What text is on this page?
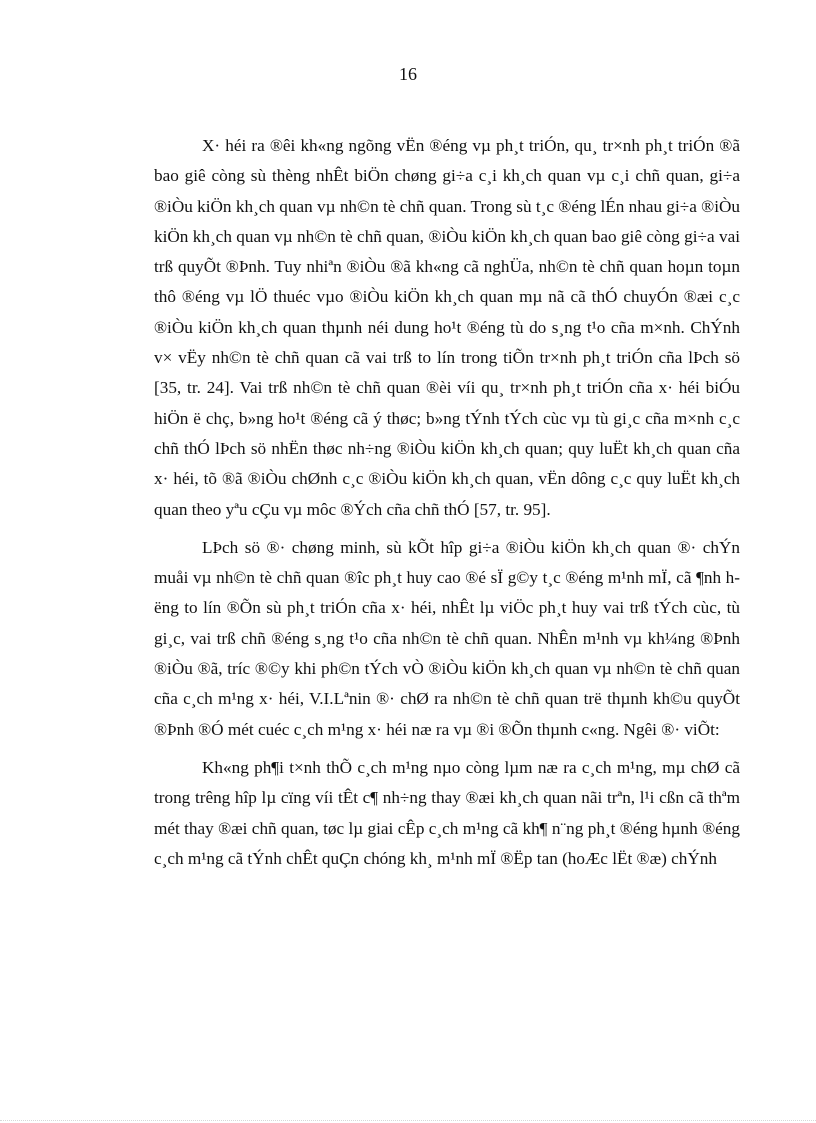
16

X· héi ra ®êi kh«ng ngõng vËn ®éng vµ ph¸t triÓn, qu¸ tr×nh ph¸t triÓn ®ã bao giê còng sù thèng nhÊt biÖn chøng gi÷a c¸i kh¸ch quan vµ c¸i chñ quan, gi÷a ®iÒu kiÖn kh¸ch quan vµ nh©n tè chñ quan. Trong sù t¸c ®éng lÉn nhau gi÷a ®iÒu kiÖn kh¸ch quan vµ nh©n tè chñ quan, ®iÒu kiÖn kh¸ch quan bao giê còng gi÷a vai trß quyÕt ®Þnh. Tuy nhiªn ®iÒu ®ã kh«ng cã nghÜa, nh©n tè chñ quan hoµn toµn thô ®éng vµ lÖ thuéc vµo ®iÒu kiÖn kh¸ch quan mµ nã cã thÓ chuyÓn ®æi c¸c ®iÒu kiÖn kh¸ch quan thµnh néi dung ho¹t ®éng tù do s¸ng t¹o cña m×nh. ChÝnh v× vËy nh©n tè chñ quan cã vai trß to lín trong tiÕn tr×nh ph¸t triÓn cña lÞch sö [35, tr. 24]. Vai trß nh©n tè chñ quan ®èi víi qu¸ tr×nh ph¸t triÓn cña x· héi biÓu hiÖn ë chç, b»ng ho¹t ®éng cã ý thøc; b»ng tÝnh tÝch cùc vµ tù gi¸c cña m×nh c¸c chñ thÓ lÞch sö nhËn thøc nh÷ng ®iÒu kiÖn kh¸ch quan; quy luËt kh¸ch quan cña x· héi, tõ ®ã ®iÒu chØnh c¸c ®iÒu kiÖn kh¸ch quan, vËn dông c¸c quy luËt kh¸ch quan theo yªu cÇu vµ môc ®Ých cña chñ thÓ [57, tr. 95].

LÞch sö ®· chøng minh, sù kÕt hîp gi÷a ®iÒu kiÖn kh¸ch quan ®· chÝn muåi vµ nh©n tè chñ quan ®îc ph¸t huy cao ®é sÏ g©y t¸c ®éng m¹nh mÏ, cã ¶nh hëng to lín ®Õn sù ph¸t triÓn cña x· héi, nhÊt lµ viÖc ph¸t huy vai trß tÝch cùc, tù gi¸c, vai trß chñ ®éng s¸ng t¹o cña nh©n tè chñ quan. NhÊn m¹nh vµ kh¼ng ®Þnh ®iÒu ®ã, tríc ®©y khi ph©n tÝch vÒ ®iÒu kiÖn kh¸ch quan vµ nh©n tè chñ quan cña c¸ch m¹ng x· héi, V.I.Lªnin ®· chØ ra nh©n tè chñ quan trë thµnh kh©u quyÕt ®Þnh ®Ó mét cuéc c¸ch m¹ng x· héi næ ra vµ ®i ®Õn thµnh c«ng. Ngêi ®· viÕt:

Kh«ng ph¶i t×nh thÕ c¸ch m¹ng nµo còng lµm næ ra c¸ch m¹ng, mµ chØ cã trong trêng hîp lµ cïng víi tÊt c¶ nh÷ng thay ®æi kh¸ch quan nãi trªn, l¹i cßn cã thªm mét thay ®æi chñ quan, tøc lµ giai cÊp c¸ch m¹ng cã kh¶ n¨ng ph¸t ®éng hµnh ®éng c¸ch m¹ng cã tÝnh chÊt quÇn chóng kh¸ m¹nh mÏ ®Ëp tan (hoÆc lËt ®æ) chÝnh
